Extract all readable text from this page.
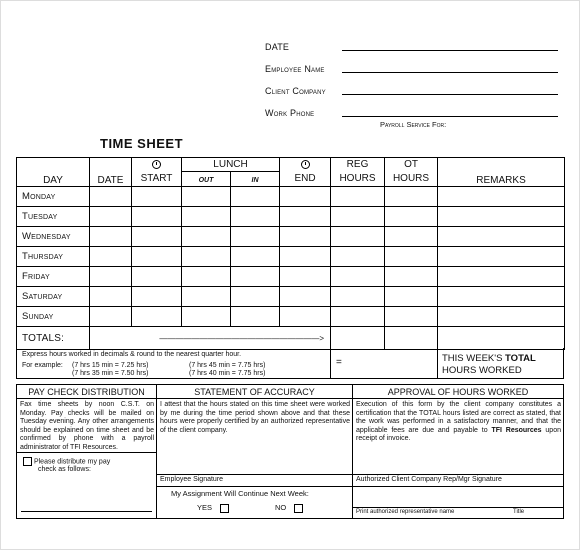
DATE
Employee Name
Client Company
Work Phone
Payroll Service For:
TIME SHEET
DAY	DATE		LUNCH			REG	OT	REMARKS
		START	OUT	IN	END	HOURS	HOURS	
Monday								
Tuesday								
Wednesday								
Thursday								
Friday								
Saturday								
Sunday								
TOTALS:	————————————————————>							
Express hours worked in decimals & round to the nearest quarter hour.
For example: (7 hrs 15 min = 7.25 hrs)	(7 hrs 45 min = 7.75 hrs)
(7 hrs 35 min = 7.50 hrs)	(7 hrs 40 min = 7.75 hrs)
=	THIS WEEK'S TOTAL
HOURS WORKED
PAY CHECK DISTRIBUTION
Fax time sheets by noon C.S.T. on Monday. Pay checks will be mailed on Tuesday evening. Any other arrangements should be explained on time sheet and be confirmed by phone with a payroll administrator of TFI Resources.
Please distribute my pay
check as follows:
STATEMENT OF ACCURACY
I attest that the hours stated on this time sheet were worked by me during the time period shown above and that these hours were properly certified by an authorized representative of the client company.
Employee Signature
My Assignment Will Continue Next Week:
YES	NO
APPROVAL OF HOURS WORKED
Execution of this form by the client company constitutes a certification that the TOTAL hours listed are correct as stated, that the work was performed in a satisfactory manner, and that the applicable fees are due and payable to TFI Resources upon receipt of invoice.
Authorized Client Company Rep/Mgr Signature
Print authorized representative name	Title
